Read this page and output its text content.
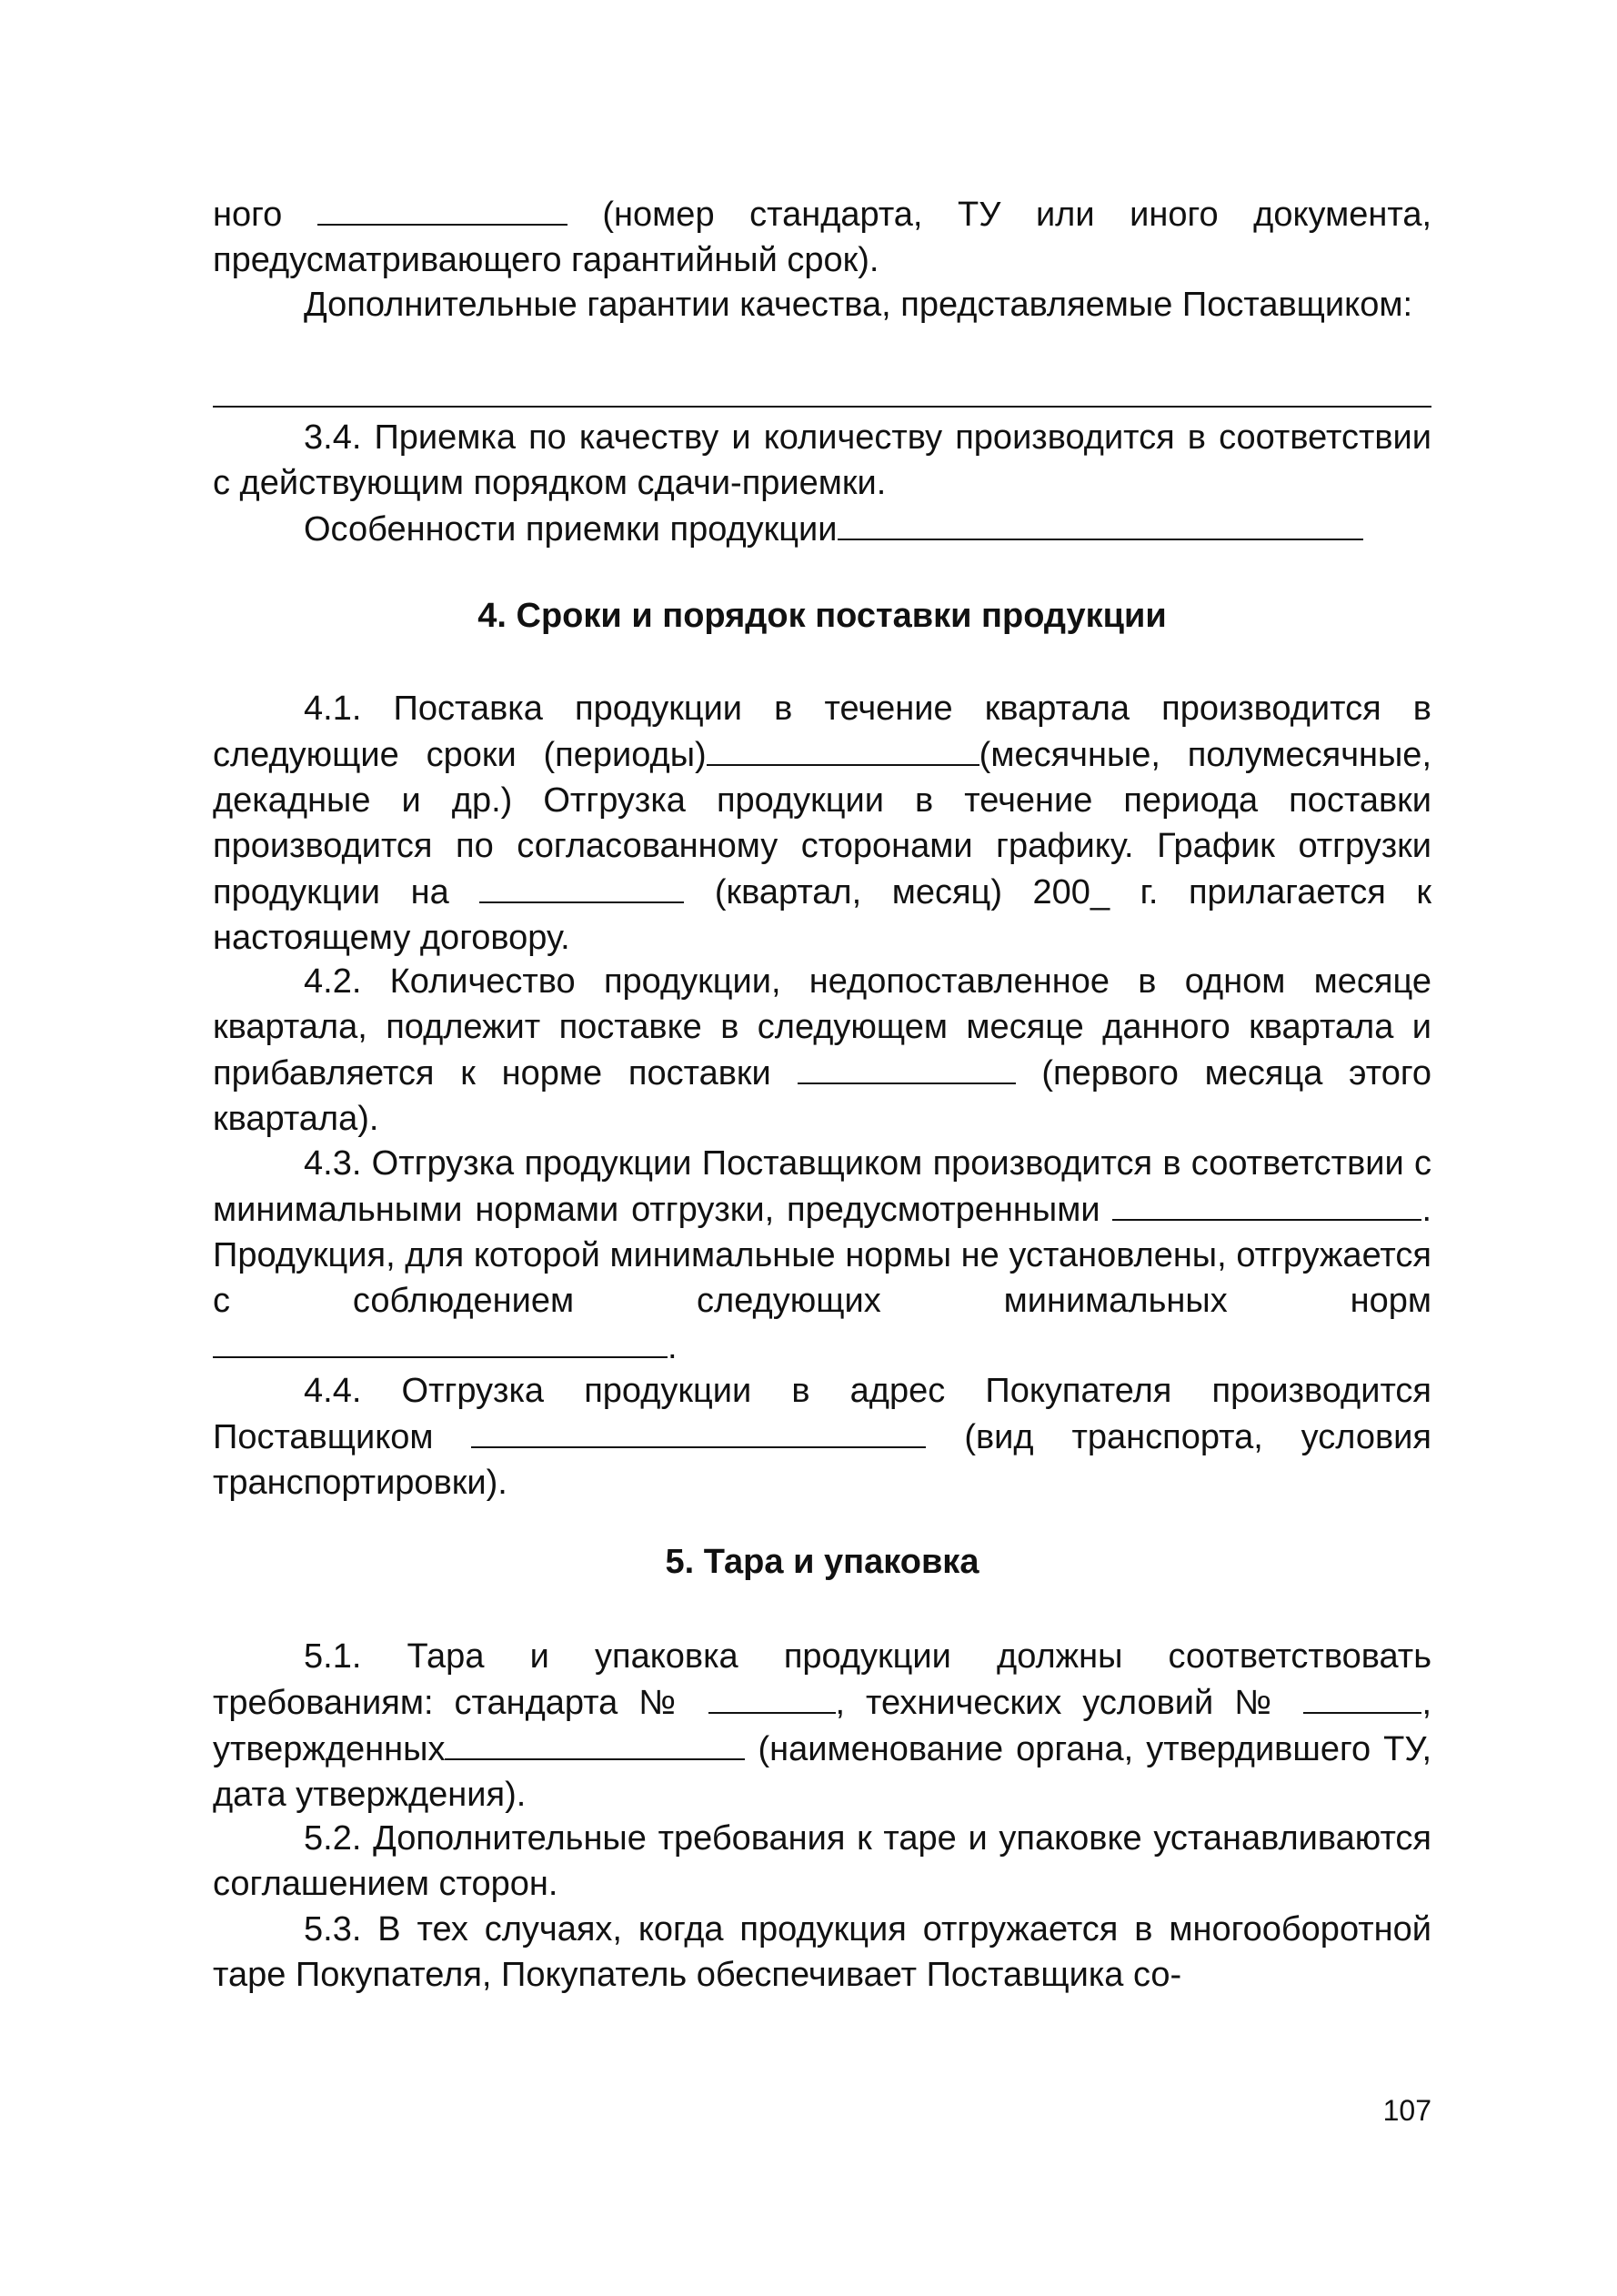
ного	(номер стандарта, ТУ или иного документа, предусматривающего гарантийный срок).

Дополнительные гарантии качества, представляемые Поставщиком:

3.4. Приемка по качеству и количеству производится в соответствии с действующим порядком сдачи-приемки.

Особенности приемки продукции

4. Сроки и порядок поставки продукции

4.1. Поставка продукции в течение квартала производится в следующие сроки (периоды)	(месячные, полумесячные, декадные и др.) Отгрузка продукции в течение периода поставки производится по согласованному сторонами графику. График отгрузки продукции на	(квартал, месяц) 200_ г. прилагается к настоящему договору.

4.2. Количество продукции, недопоставленное в одном месяце квартала, подлежит поставке в следующем месяце данного квартала и прибавляется к норме поставки	(первого месяца этого квартала).

4.3. Отгрузка продукции Поставщиком производится в соответствии с минимальными нормами отгрузки, предусмотренными	. Продукция, для которой минимальные нормы не установлены, отгружается с соблюдением следующих минимальных норм .

4.4. Отгрузка продукции в адрес Покупателя производится Поставщиком	(вид транспорта, условия транспортировки).

5. Тара и упаковка

5.1. Тара и упаковка продукции должны соответствовать требованиям: стандарта №	, технических условий №	, утвержденных	(наименование органа, утвердившего ТУ, дата утверждения).

5.2. Дополнительные требования к таре и упаковке устанавливаются соглашением сторон.

5.3. В тех случаях, когда продукция отгружается в многооборотной таре Покупателя, Покупатель обеспечивает Поставщика со-

107
